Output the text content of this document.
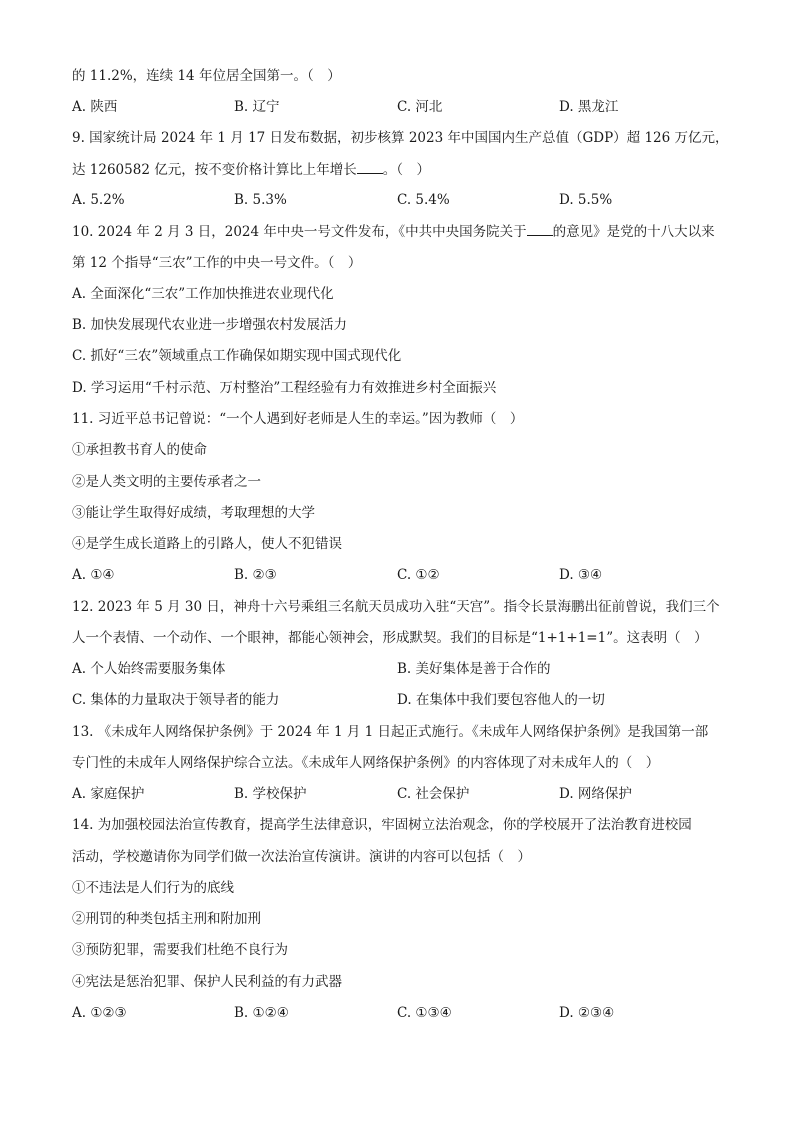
的 11.2%，连续 14 年位居全国第一。（　）
A. 陕西	B. 辽宁	C. 河北	D. 黑龙江
9. 国家统计局 2024 年 1 月 17 日发布数据，初步核算 2023 年中国国内生产总值（GDP）超 126 万亿元，
达 1260582 亿元，按不变价格计算比上年增长 。（　）
A. 5.2%	B. 5.3%	C. 5.4%	D. 5.5%
10. 2024 年 2 月 3 日，2024 年中央一号文件发布，《中共中央国务院关于 的意见》是党的十八大以来
第 12 个指导“三农”工作的中央一号文件。（　）
A. 全面深化“三农”工作加快推进农业现代化
B. 加快发展现代农业进一步增强农村发展活力
C. 抓好“三农”领域重点工作确保如期实现中国式现代化
D. 学习运用“千村示范、万村整治”工程经验有力有效推进乡村全面振兴
11. 习近平总书记曾说：“一个人遇到好老师是人生的幸运。”因为教师（　）
①承担教书育人的使命
②是人类文明的主要传承者之一
③能让学生取得好成绩，考取理想的大学
④是学生成长道路上的引路人，使人不犯错误
A. ①④	B. ②③	C. ①②	D. ③④
12. 2023 年 5 月 30 日，神舟十六号乘组三名航天员成功入驻“天宫”。指令长景海鹏出征前曾说，我们三个
人一个表情、一个动作、一个眼神，都能心领神会，形成默契。我们的目标是“1+1+1=1”。这表明（　）
A. 个人始终需要服务集体	B. 美好集体是善于合作的
C. 集体的力量取决于领导者的能力	D. 在集体中我们要包容他人的一切
13. 《未成年人网络保护条例》于 2024 年 1 月 1 日起正式施行。《未成年人网络保护条例》是我国第一部
专门性的未成年人网络保护综合立法。《未成年人网络保护条例》的内容体现了对未成年人的（　）
A. 家庭保护	B. 学校保护	C. 社会保护	D. 网络保护
14. 为加强校园法治宣传教育，提高学生法律意识，牢固树立法治观念，你的学校展开了法治教育进校园
活动，学校邀请你为同学们做一次法治宣传演讲。演讲的内容可以包括（　）
①不违法是人们行为的底线
②刑罚的种类包括主刑和附加刑
③预防犯罪，需要我们杜绝不良行为
④宪法是惩治犯罪、保护人民利益的有力武器
A. ①②③	B. ①②④	C. ①③④	D. ②③④
